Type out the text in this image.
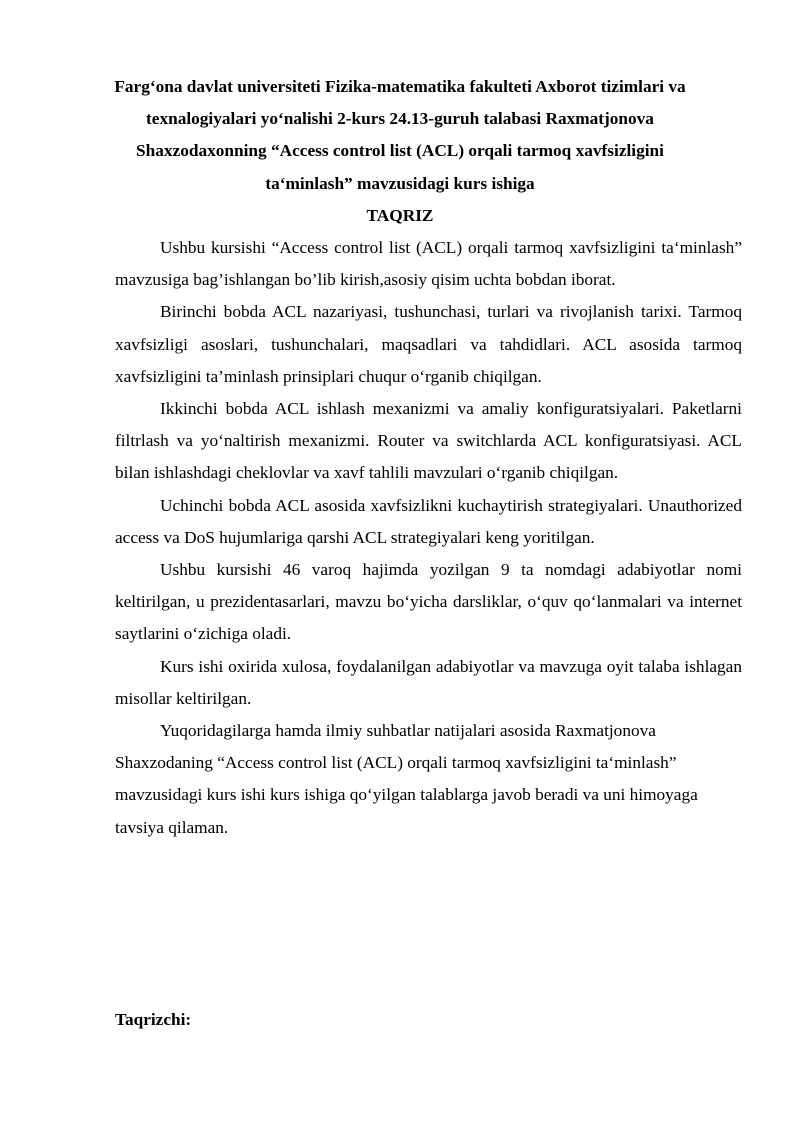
Farg‘ona davlat universiteti Fizika-matematika fakulteti Axborot tizimlari va texnalogiyalari yo‘nalishi 2-kurs 24.13-guruh talabasi Raxmatjonova Shaxzodaxonning “Access control list (ACL) orqali tarmoq xavfsizligini ta‘minlash” mavzusidagi kurs ishiga
TAQRIZ

Ushbu kursishi “Access control list (ACL) orqali tarmoq xavfsizligini ta‘minlash” mavzusiga bag’ishlangan bo’lib kirish,asosiy qisim uchta bobdan iborat.

Birinchi bobda ACL nazariyasi, tushunchasi, turlari va rivojlanish tarixi. Tarmoq xavfsizligi asoslari, tushunchalari, maqsadlari va tahdidlari. ACL asosida tarmoq xavfsizligini ta’minlash prinsiplari chuqur o‘rganib chiqilgan.

Ikkinchi bobda ACL ishlash mexanizmi va amaliy konfiguratsiyalari. Paketlarni filtrlash va yo‘naltirish mexanizmi. Router va switchlarda ACL konfiguratsiyasi. ACL bilan ishlashdagi cheklovlar va xavf tahlili mavzulari o‘rganib chiqilgan.

Uchinchi bobda ACL asosida xavfsizlikni kuchaytirish strategiyalari. Unauthorized access va DoS hujumlariga qarshi ACL strategiyalari keng yoritilgan.

Ushbu kursishi 46 varoq hajimda yozilgan 9 ta nomdagi adabiyotlar nomi keltirilgan, u prezidentasarlari, mavzu bo‘yicha darsliklar, o‘quv qo‘lanmalari va internet saytlarini o‘zichiga oladi.

Kurs ishi oxirida xulosa, foydalanilgan adabiyotlar va mavzuga oyit talaba ishlagan misollar keltirilgan.

Yuqoridagilarga hamda ilmiy suhbatlar natijalari asosida Raxmatjonova Shaxzodaning “Access control list (ACL) orqali tarmoq xavfsizligini ta‘minlash” mavzusidagi kurs ishi kurs ishiga qo‘yilgan talablarga javob beradi va uni himoyaga tavsiya qilaman.

Taqrizchi:
